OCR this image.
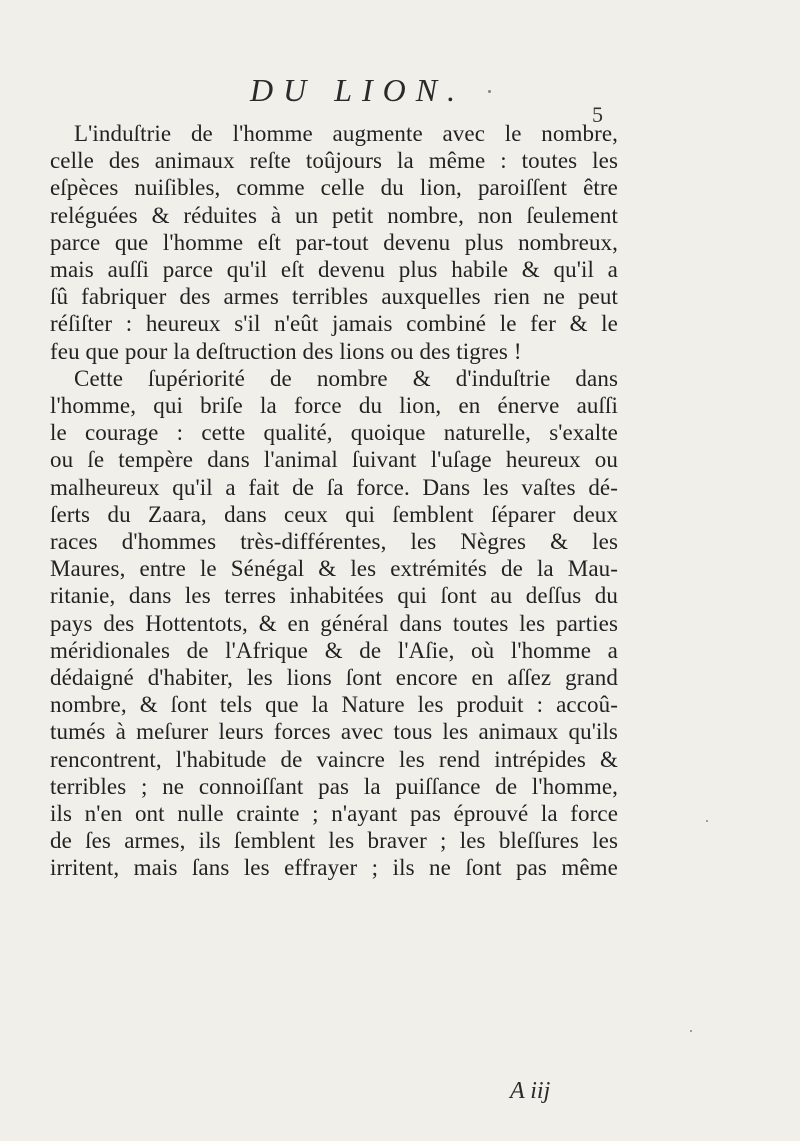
DU LION.
5
L'induſtrie de l'homme augmente avec le nombre,
celle des animaux reſte toûjours la même : toutes les
eſpèces nuiſibles, comme celle du lion, paroiſſent être
reléguées & réduites à un petit nombre, non ſeulement
parce que l'homme eſt par-tout devenu plus nombreux,
mais auſſi parce qu'il eſt devenu plus habile & qu'il a
ſû fabriquer des armes terribles auxquelles rien ne peut
réſiſter : heureux s'il n'eût jamais combiné le fer & le
feu que pour la deſtruction des lions ou des tigres !
Cette ſupériorité de nombre & d'induſtrie dans
l'homme, qui briſe la force du lion, en énerve auſſi
le courage : cette qualité, quoique naturelle, s'exalte
ou ſe tempère dans l'animal ſuivant l'uſage heureux ou
malheureux qu'il a fait de ſa force. Dans les vaſtes dé-
ſerts du Zaara, dans ceux qui ſemblent ſéparer deux
races d'hommes très-différentes, les Nègres & les
Maures, entre le Sénégal & les extrémités de la Mau-
ritanie, dans les terres inhabitées qui ſont au deſſus du
pays des Hottentots, & en général dans toutes les parties
méridionales de l'Afrique & de l'Aſie, où l'homme a
dédaigné d'habiter, les lions ſont encore en aſſez grand
nombre, & ſont tels que la Nature les produit : accoû-
tumés à meſurer leurs forces avec tous les animaux qu'ils
rencontrent, l'habitude de vaincre les rend intrépides &
terribles ; ne connoiſſant pas la puiſſance de l'homme,
ils n'en ont nulle crainte ; n'ayant pas éprouvé la force
de ſes armes, ils ſemblent les braver ; les bleſſures les
irritent, mais ſans les effrayer ; ils ne ſont pas même
A iij
